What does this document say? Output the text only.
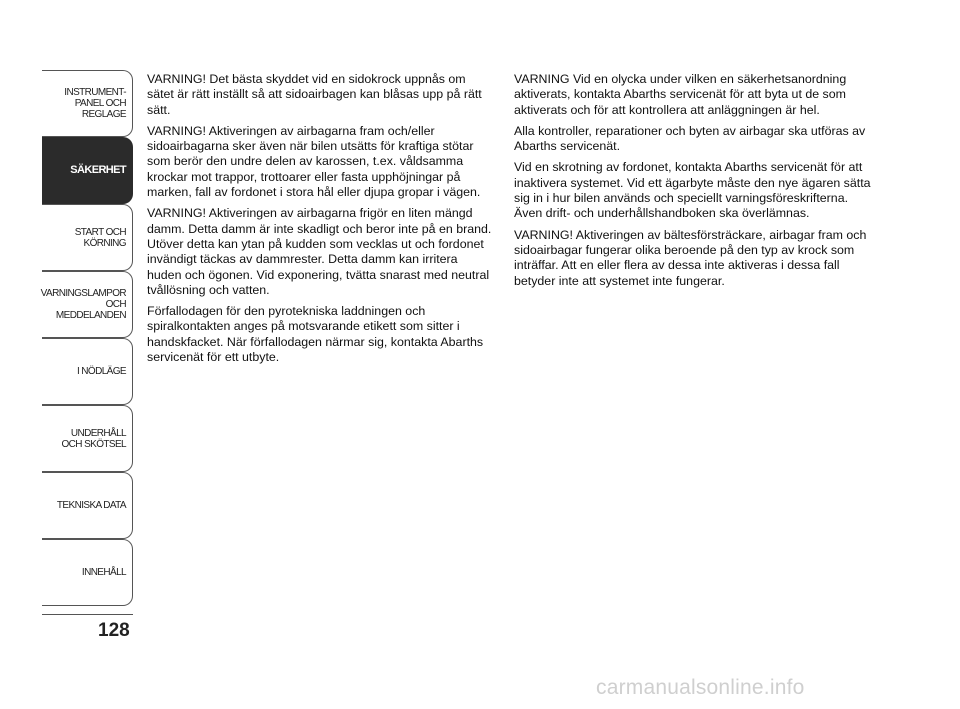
INSTRUMENT-
PANEL OCH
REGLAGE
SÄKERHET
START OCH
KÖRNING
VARNINGSLAMPOR
OCH
MEDDELANDEN
I NÖDLÄGE
UNDERHÅLL
OCH SKÖTSEL
TEKNISKA DATA
INNEHÅLL
128

VARNING! Det bästa skyddet vid en sidokrock uppnås om sätet är rätt inställt så att sidoairbagen kan blåsas upp på rätt sätt.

VARNING! Aktiveringen av airbagarna fram och/eller sidoairbagarna sker även när bilen utsätts för kraftiga stötar som berör den undre delen av karossen, t.ex. våldsamma krockar mot trappor, trottoarer eller fasta upphöjningar på marken, fall av fordonet i stora hål eller djupa gropar i vägen.

VARNING! Aktiveringen av airbagarna frigör en liten mängd damm. Detta damm är inte skadligt och beror inte på en brand. Utöver detta kan ytan på kudden som vecklas ut och fordonet invändigt täckas av dammrester. Detta damm kan irritera huden och ögonen. Vid exponering, tvätta snarast med neutral tvållösning och vatten.

Förfallodagen för den pyrotekniska laddningen och spiralkontakten anges på motsvarande etikett som sitter i handskfacket. När förfallodagen närmar sig, kontakta Abarths servicenät för ett utbyte.

VARNING Vid en olycka under vilken en säkerhetsanordning aktiverats, kontakta Abarths servicenät för att byta ut de som aktiverats och för att kontrollera att anläggningen är hel.

Alla kontroller, reparationer och byten av airbagar ska utföras av Abarths servicenät.

Vid en skrotning av fordonet, kontakta Abarths servicenät för att inaktivera systemet. Vid ett ägarbyte måste den nye ägaren sätta sig in i hur bilen används och speciellt varningsföreskrifterna. Även drift- och underhållshandboken ska överlämnas.

VARNING! Aktiveringen av bältesförsträckare, airbagar fram och sidoairbagar fungerar olika beroende på den typ av krock som inträffar. Att en eller flera av dessa inte aktiveras i dessa fall betyder inte att systemet inte fungerar.

carmanualsonline.info
